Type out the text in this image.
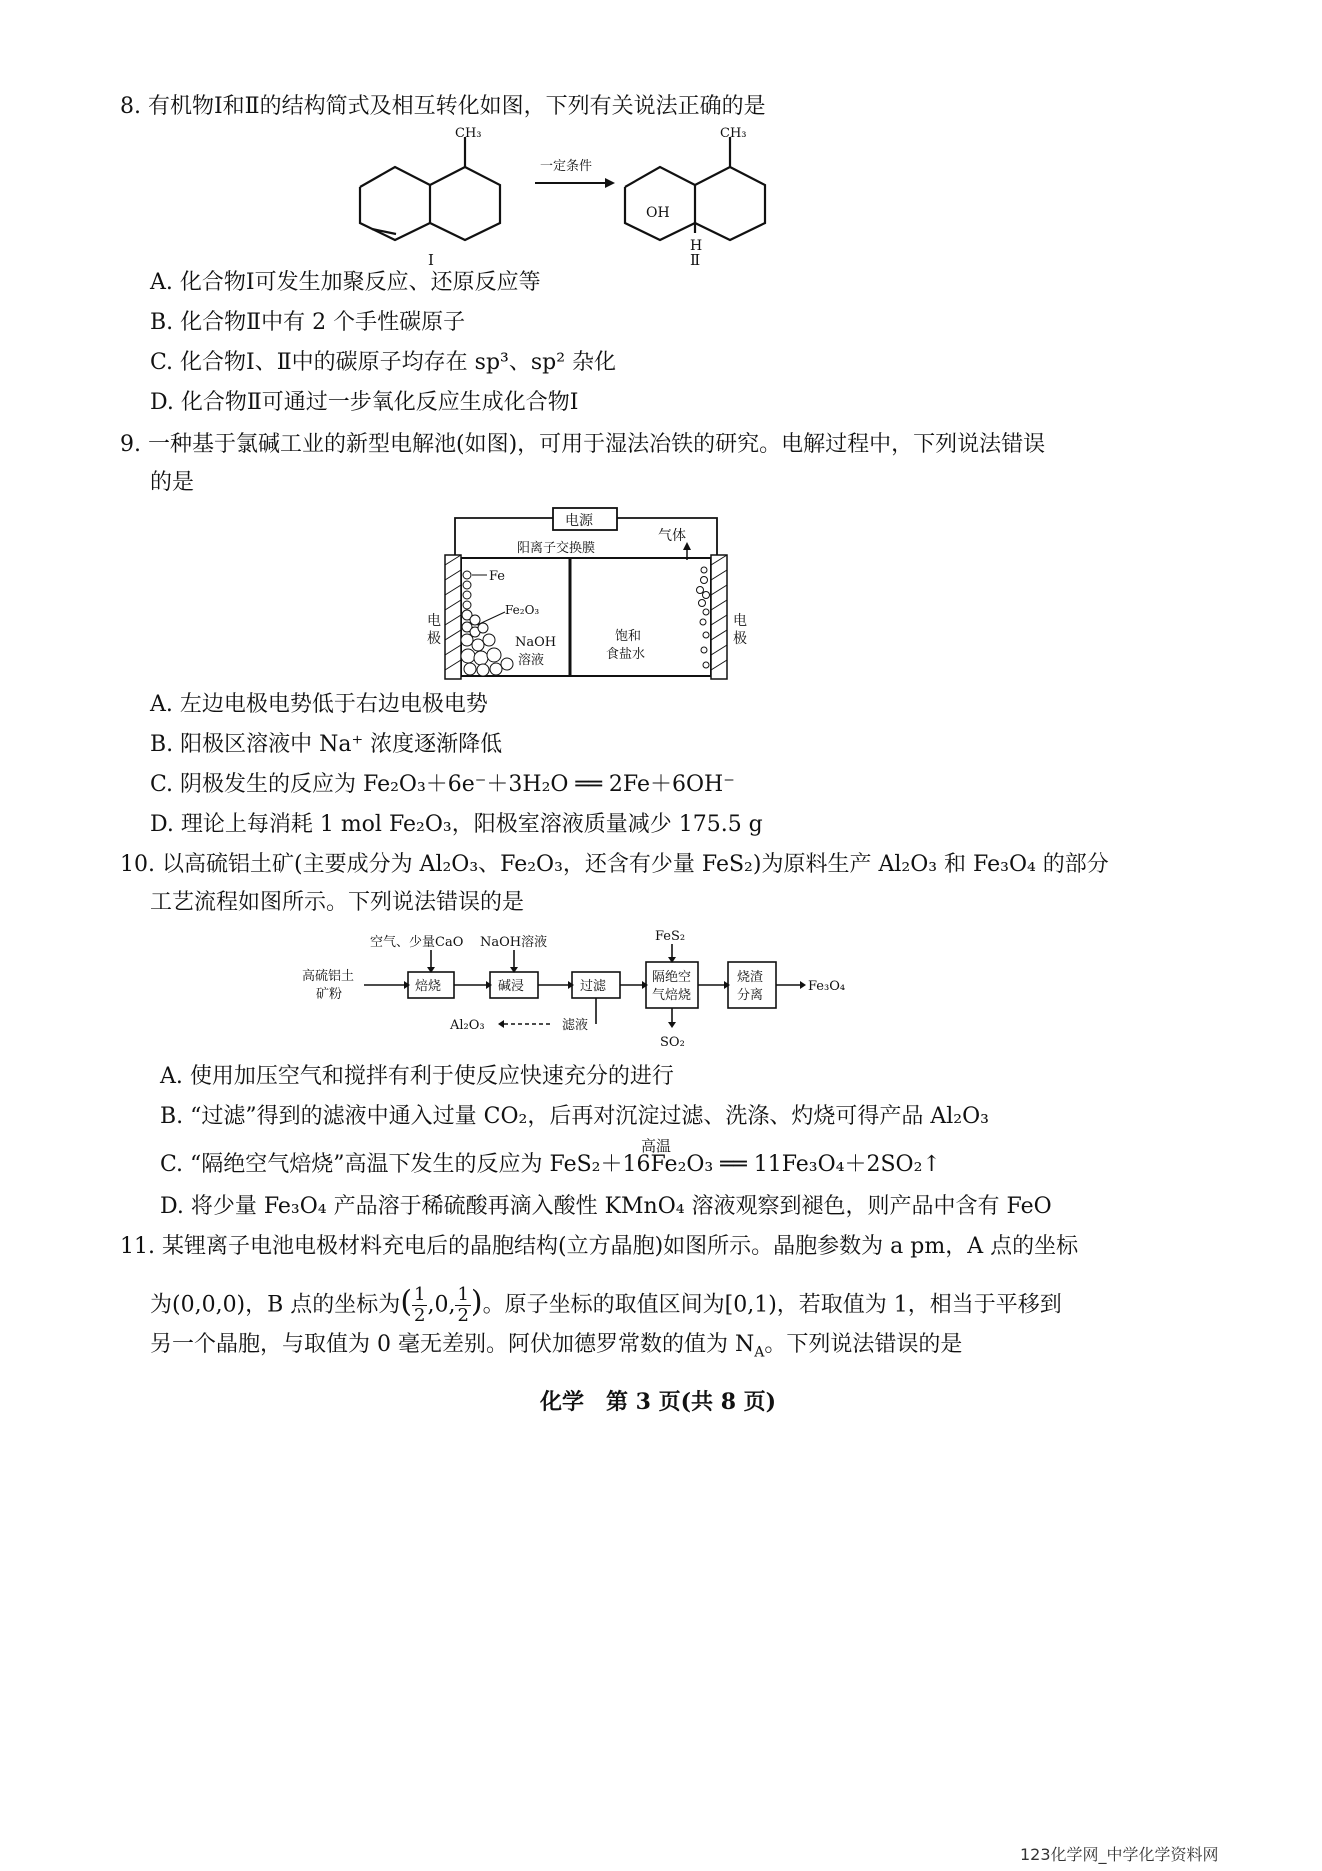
8. 有机物Ⅰ和Ⅱ的结构简式及相互转化如图，下列有关说法正确的是
CH₃
一定条件
CH₃
OH
H
Ⅰ	Ⅱ
A. 化合物Ⅰ可发生加聚反应、还原反应等
B. 化合物Ⅱ中有 2 个手性碳原子
C. 化合物Ⅰ、Ⅱ中的碳原子均存在 sp³、sp² 杂化
D. 化合物Ⅱ可通过一步氧化反应生成化合物Ⅰ
9. 一种基于氯碱工业的新型电解池(如图)，可用于湿法冶铁的研究。电解过程中，下列说法错误
的是
电源
阳离子交换膜
气体
Fe
Fe₂O₃
NaOH
溶液
饱和
食盐水
电
极
电
极
A. 左边电极电势低于右边电极电势
B. 阳极区溶液中 Na⁺ 浓度逐渐降低
C. 阴极发生的反应为 Fe₂O₃＋6e⁻＋3H₂O ══ 2Fe＋6OH⁻
D. 理论上每消耗 1 mol Fe₂O₃，阳极室溶液质量减少 175.5 g
10. 以高硫铝土矿(主要成分为 Al₂O₃、Fe₂O₃，还含有少量 FeS₂)为原料生产 Al₂O₃ 和 Fe₃O₄ 的部分
工艺流程如图所示。下列说法错误的是
空气、少量CaO NaOH溶液	FeS₂
高硫铝土
矿粉
焙烧	碱浸	过滤
隔绝空
气焙烧
烧渣
分离
Fe₃O₄
Al₂O₃	滤液
SO₂
A. 使用加压空气和搅拌有利于使反应快速充分的进行
B. “过滤”得到的滤液中通入过量 CO₂，后再对沉淀过滤、洗涤、灼烧可得产品 Al₂O₃
高温
C. “隔绝空气焙烧”高温下发生的反应为 FeS₂＋16Fe₂O₃ ══ 11Fe₃O₄＋2SO₂↑
D. 将少量 Fe₃O₄ 产品溶于稀硫酸再滴入酸性 KMnO₄ 溶液观察到褪色，则产品中含有 FeO
11. 某锂离子电池电极材料充电后的晶胞结构(立方晶胞)如图所示。晶胞参数为 a pm，A 点的坐标
为(0,0,0)，B 点的坐标为( $\frac{1}{2} ,0$, $\frac{1}{2}$ )。原子坐标的取值区间为[0,1)，若取值为 1，相当于平移到
另一个晶胞，与取值为 0 毫无差别。阿伏加德罗常数的值为 $N_A$。下列说法错误的是
化学　第 3 页(共 8 页)
123化学网_中学化学资料网
